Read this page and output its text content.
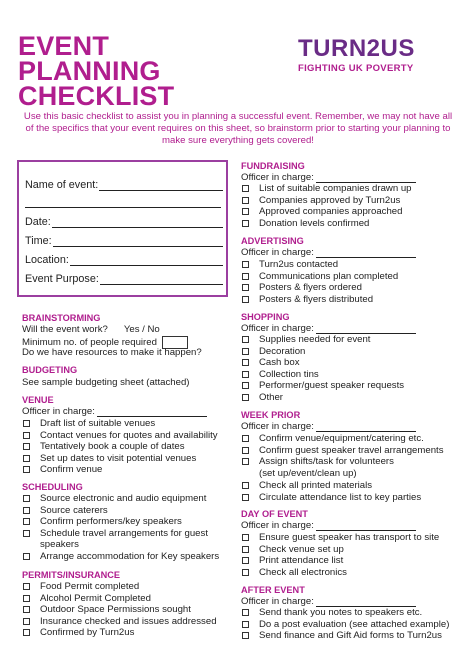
EVENT
PLANNING
CHECKLIST
TURN2US
FIGHTING UK POVERTY
Use this basic checklist to assist you in planning a successful event. Remember, we may not have all of the specifics that your event requires on this sheet, so brainstorm prior to starting your planning to make sure everything gets covered!
Name of event:
Date:
Time:
Location:
Event Purpose:
BRAINSTORMING
Will the event work? Yes / No
Minimum no. of people required
Do we have resources to make it happen?
BUDGETING
See sample budgeting sheet (attached)
VENUE
Officer in charge:
Draft list of suitable venues
Contact venues for quotes and availability
Tentatively book a couple of dates
Set up dates to visit potential venues
Confirm venue
SCHEDULING
Source electronic and audio equipment
Source caterers
Confirm performers/key speakers
Schedule travel arrangements for guest
speakers
Arrange accommodation for Key speakers
PERMITS/INSURANCE
Food Permit completed
Alcohol Permit Completed
Outdoor Space Permissions sought
Insurance checked and issues addressed
Confirmed by Turn2us
FUNDRAISING
Officer in charge:
List of suitable companies drawn up
Companies approved by Turn2us
Approved companies approached
Donation levels confirmed
ADVERTISING
Officer in charge:
Turn2us contacted
Communications plan completed
Posters & flyers ordered
Posters & flyers distributed
SHOPPING
Officer in charge:
Supplies needed for event
Decoration
Cash box
Collection tins
Performer/guest speaker requests
Other
WEEK PRIOR
Officer in charge:
Confirm venue/equipment/catering etc.
Confirm guest speaker travel arrangements
Assign shifts/task for volunteers
(set up/event/clean up)
Check all printed materials
Circulate attendance list to key parties
DAY OF EVENT
Officer in charge:
Ensure guest speaker has transport to site
Check venue set up
Print attendance list
Check all electronics
AFTER EVENT
Officer in charge:
Send thank you notes to speakers etc.
Do a post evaluation (see attached example)
Send finance and Gift Aid forms to Turn2us
